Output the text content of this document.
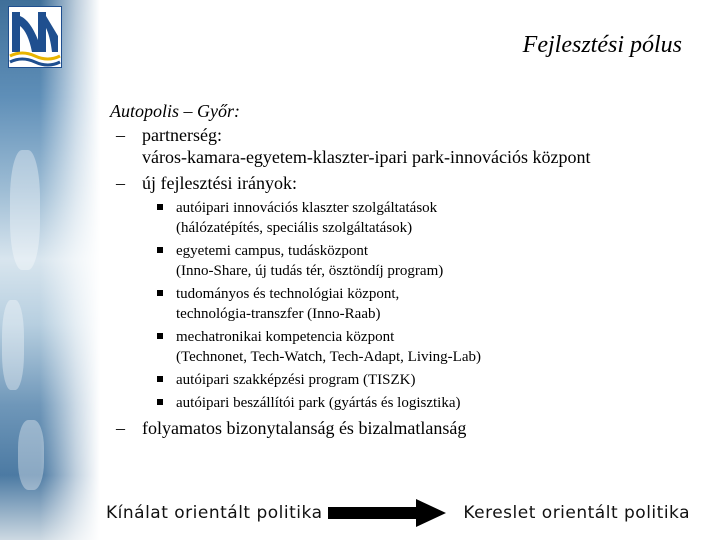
Fejlesztési pólus
Autopolis – Győr:
– partnerség:
város-kamara-egyetem-klaszter-ipari park-innovációs központ
– új fejlesztési irányok:
autóipari innovációs klaszter szolgáltatások
(hálózatépítés, speciális szolgáltatások)
egyetemi campus, tudásközpont
(Inno-Share, új tudás tér, ösztöndíj program)
tudományos és technológiai központ,
technológia-transzfer (Inno-Raab)
mechatronikai kompetencia központ
(Technonet, Tech-Watch, Tech-Adapt, Living-Lab)
autóipari szakképzési program (TISZK)
autóipari beszállítói park (gyártás és logisztika)
– folyamatos bizonytalanság és bizalmatlanság
Kínálat orientált politika	Kereslet orientált politika
